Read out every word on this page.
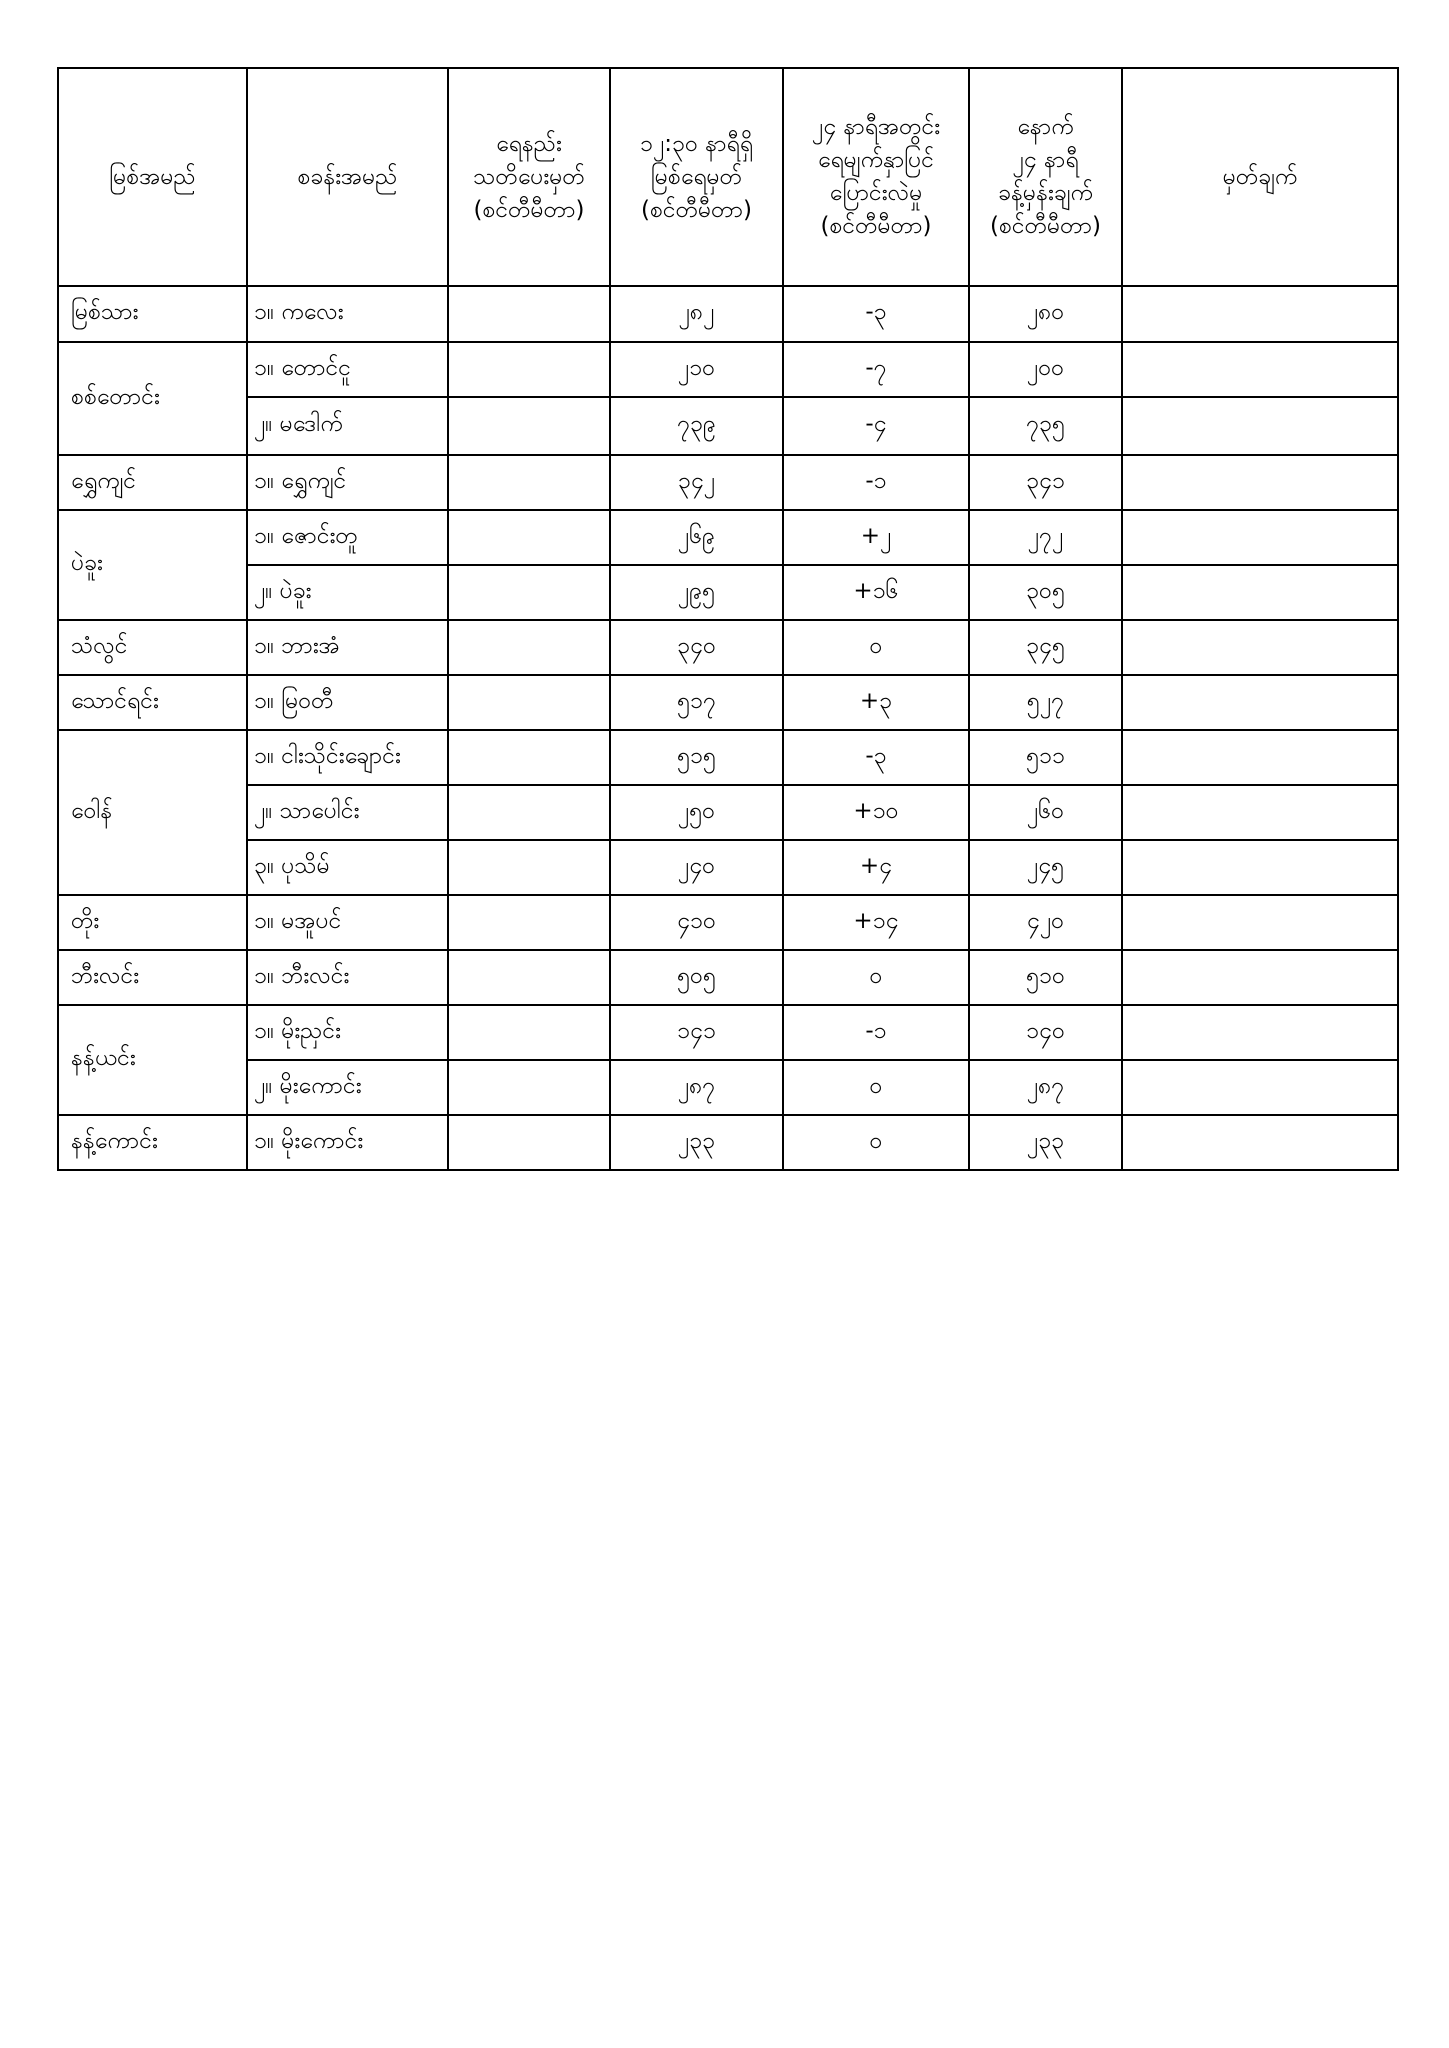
မြစ်အမည်	စခန်းအမည်	ရေနည်း
သတိပေးမှတ်
(စင်တီမီတာ)	၁၂:၃၀ နာရီရှိ
မြစ်ရေမှတ်
(စင်တီမီတာ)	၂၄ နာရီအတွင်း
ရေမျက်နှာပြင်
ပြောင်းလဲမှု
(စင်တီမီတာ)	နောက်
၂၄ နာရီ
ခန့်မှန်းချက်
(စင်တီမီတာ)	မှတ်ချက်

မြစ်သား	၁။ ကလေး		၂၈၂	-၃	၂၈၀	
စစ်တောင်း	၁။ တောင်ငူ		၂၁၀	-၇	၂၀၀	
	၂။ မဒေါက်		၇၃၉	-၄	၇၃၅	
ရွှေကျင်	၁။ ရွှေကျင်		၃၄၂	-၁	၃၄၁	
ပဲခူး	၁။ ဇောင်းတူ		၂၆၉	+၂	၂၇၂	
	၂။ ပဲခူး		၂၉၅	+၁၆	၃၀၅	
သံလွင်	၁။ ဘားအံ		၃၄၀	၀	၃၄၅	
သောင်ရင်း	၁။ မြဝတီ		၅၁၇	+၃	၅၂၇	
ဝေါန်	၁။ ငါးသိုင်းချောင်း		၅၁၅	-၃	၅၁၁	
	၂။ သာပေါင်း		၂၅၀	+၁၀	၂၆၀	
	၃။ ပုသိမ်		၂၄၀	+၄	၂၄၅	
တိုး	၁။ မအူပင်		၄၁၀	+၁၄	၄၂၀	
ဘီးလင်း	၁။ ဘီးလင်း		၅၀၅	၀	၅၁၀	
နန့်ယင်း	၁။ မိုးညှင်း		၁၄၁	-၁	၁၄၀	
	၂။ မိုးကောင်း		၂၈၇	၀	၂၈၇	
နန့်ကောင်း	၁။ မိုးကောင်း		၂၃၃	၀	၂၃၃	
